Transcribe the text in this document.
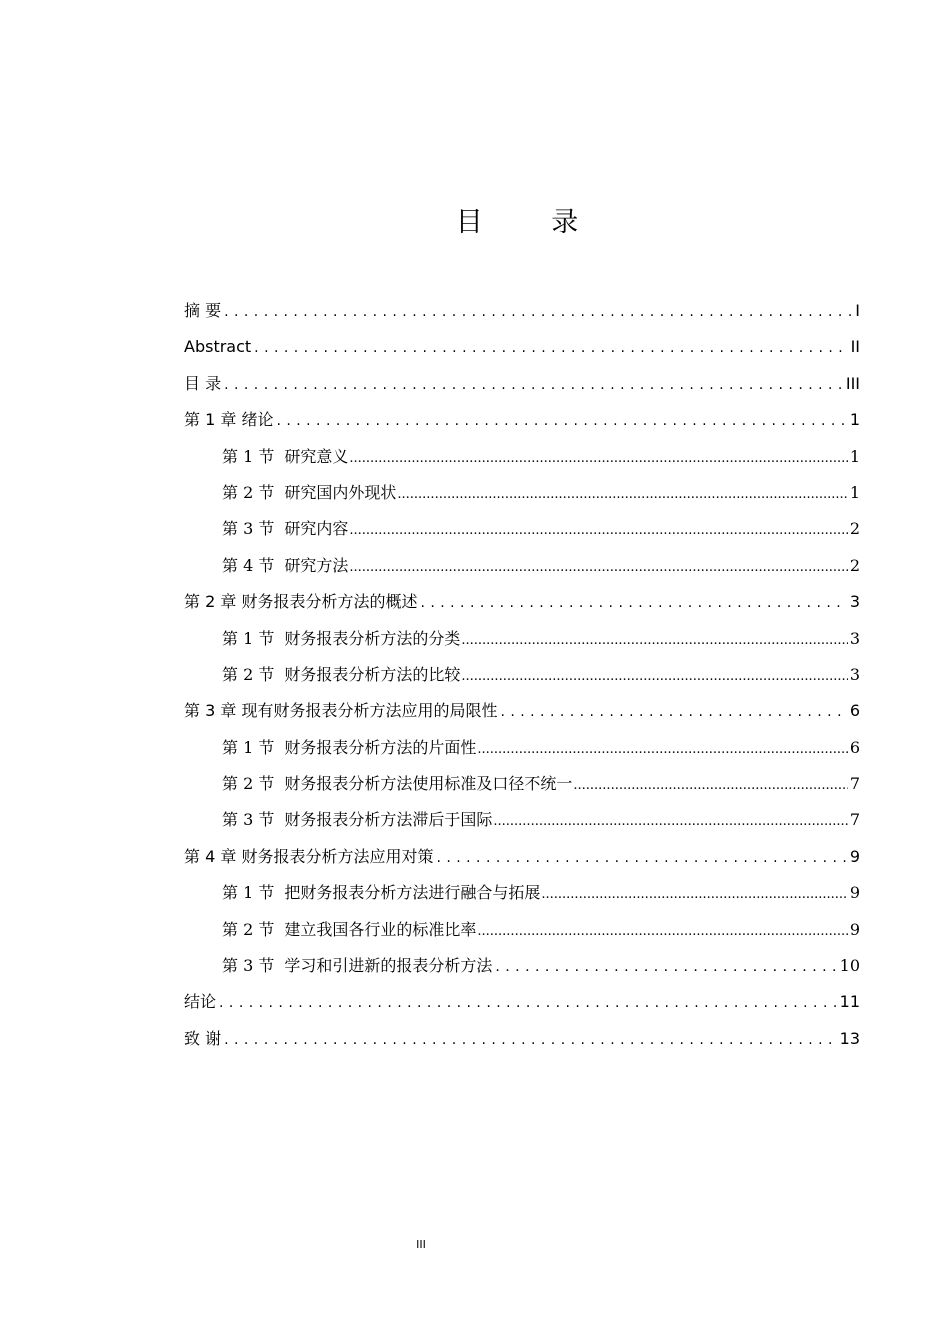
目 录
摘 要 . . .	I
Abstract . . .	II
目 录 . . .	III
第 1 章 绪论 . . .	1
第 1 节 研究意义 .....	1
第 2 节 研究国内外现状 .....	1
第 3 节 研究内容 .....	2
第 4 节 研究方法 .....	2
第 2 章 财务报表分析方法的概述 . . .	3
第 1 节 财务报表分析方法的分类 .....	3
第 2 节 财务报表分析方法的比较 .....	3
第 3 章 现有财务报表分析方法应用的局限性 . . .	6
第 1 节 财务报表分析方法的片面性 .....	6
第 2 节 财务报表分析方法使用标准及口径不统一 .....	7
第 3 节 财务报表分析方法滞后于国际 .....	7
第 4 章 财务报表分析方法应用对策 . . .	9
第 1 节 把财务报表分析方法进行融合与拓展 .....	9
第 2 节 建立我国各行业的标准比率 .....	9
第 3 节 学习和引进新的报表分析方法 . . .	10
结论 . . .	11
致 谢 . . .	13
III
